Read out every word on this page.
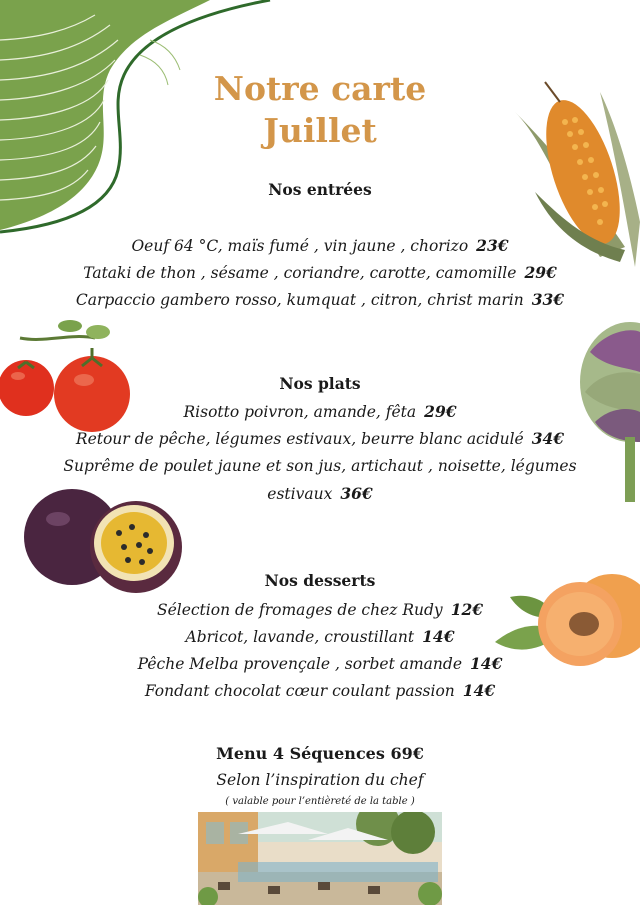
Notre carte
Juillet
Nos entrées
Oeuf 64 °C, maïs fumé , vin jaune , chorizo 23€
Tataki de thon , sésame , coriandre, carotte, camomille 29€
Carpaccio gambero rosso, kumquat , citron, christ marin 33€
Nos plats
Risotto poivron, amande, fêta 29€
Retour de pêche, légumes estivaux, beurre blanc acidulé 34€
Suprême de poulet jaune et son jus, artichaut , noisette, légumes
estivaux 36€
Nos desserts
Sélection de fromages de chez Rudy 12€
Abricot, lavande, croustillant 14€
Pêche Melba provençale , sorbet amande 14€
Fondant chocolat cœur coulant passion 14€
Menu 4 Séquences 69€
Selon l’inspiration du chef
( valable pour l’entièreté de la table )
